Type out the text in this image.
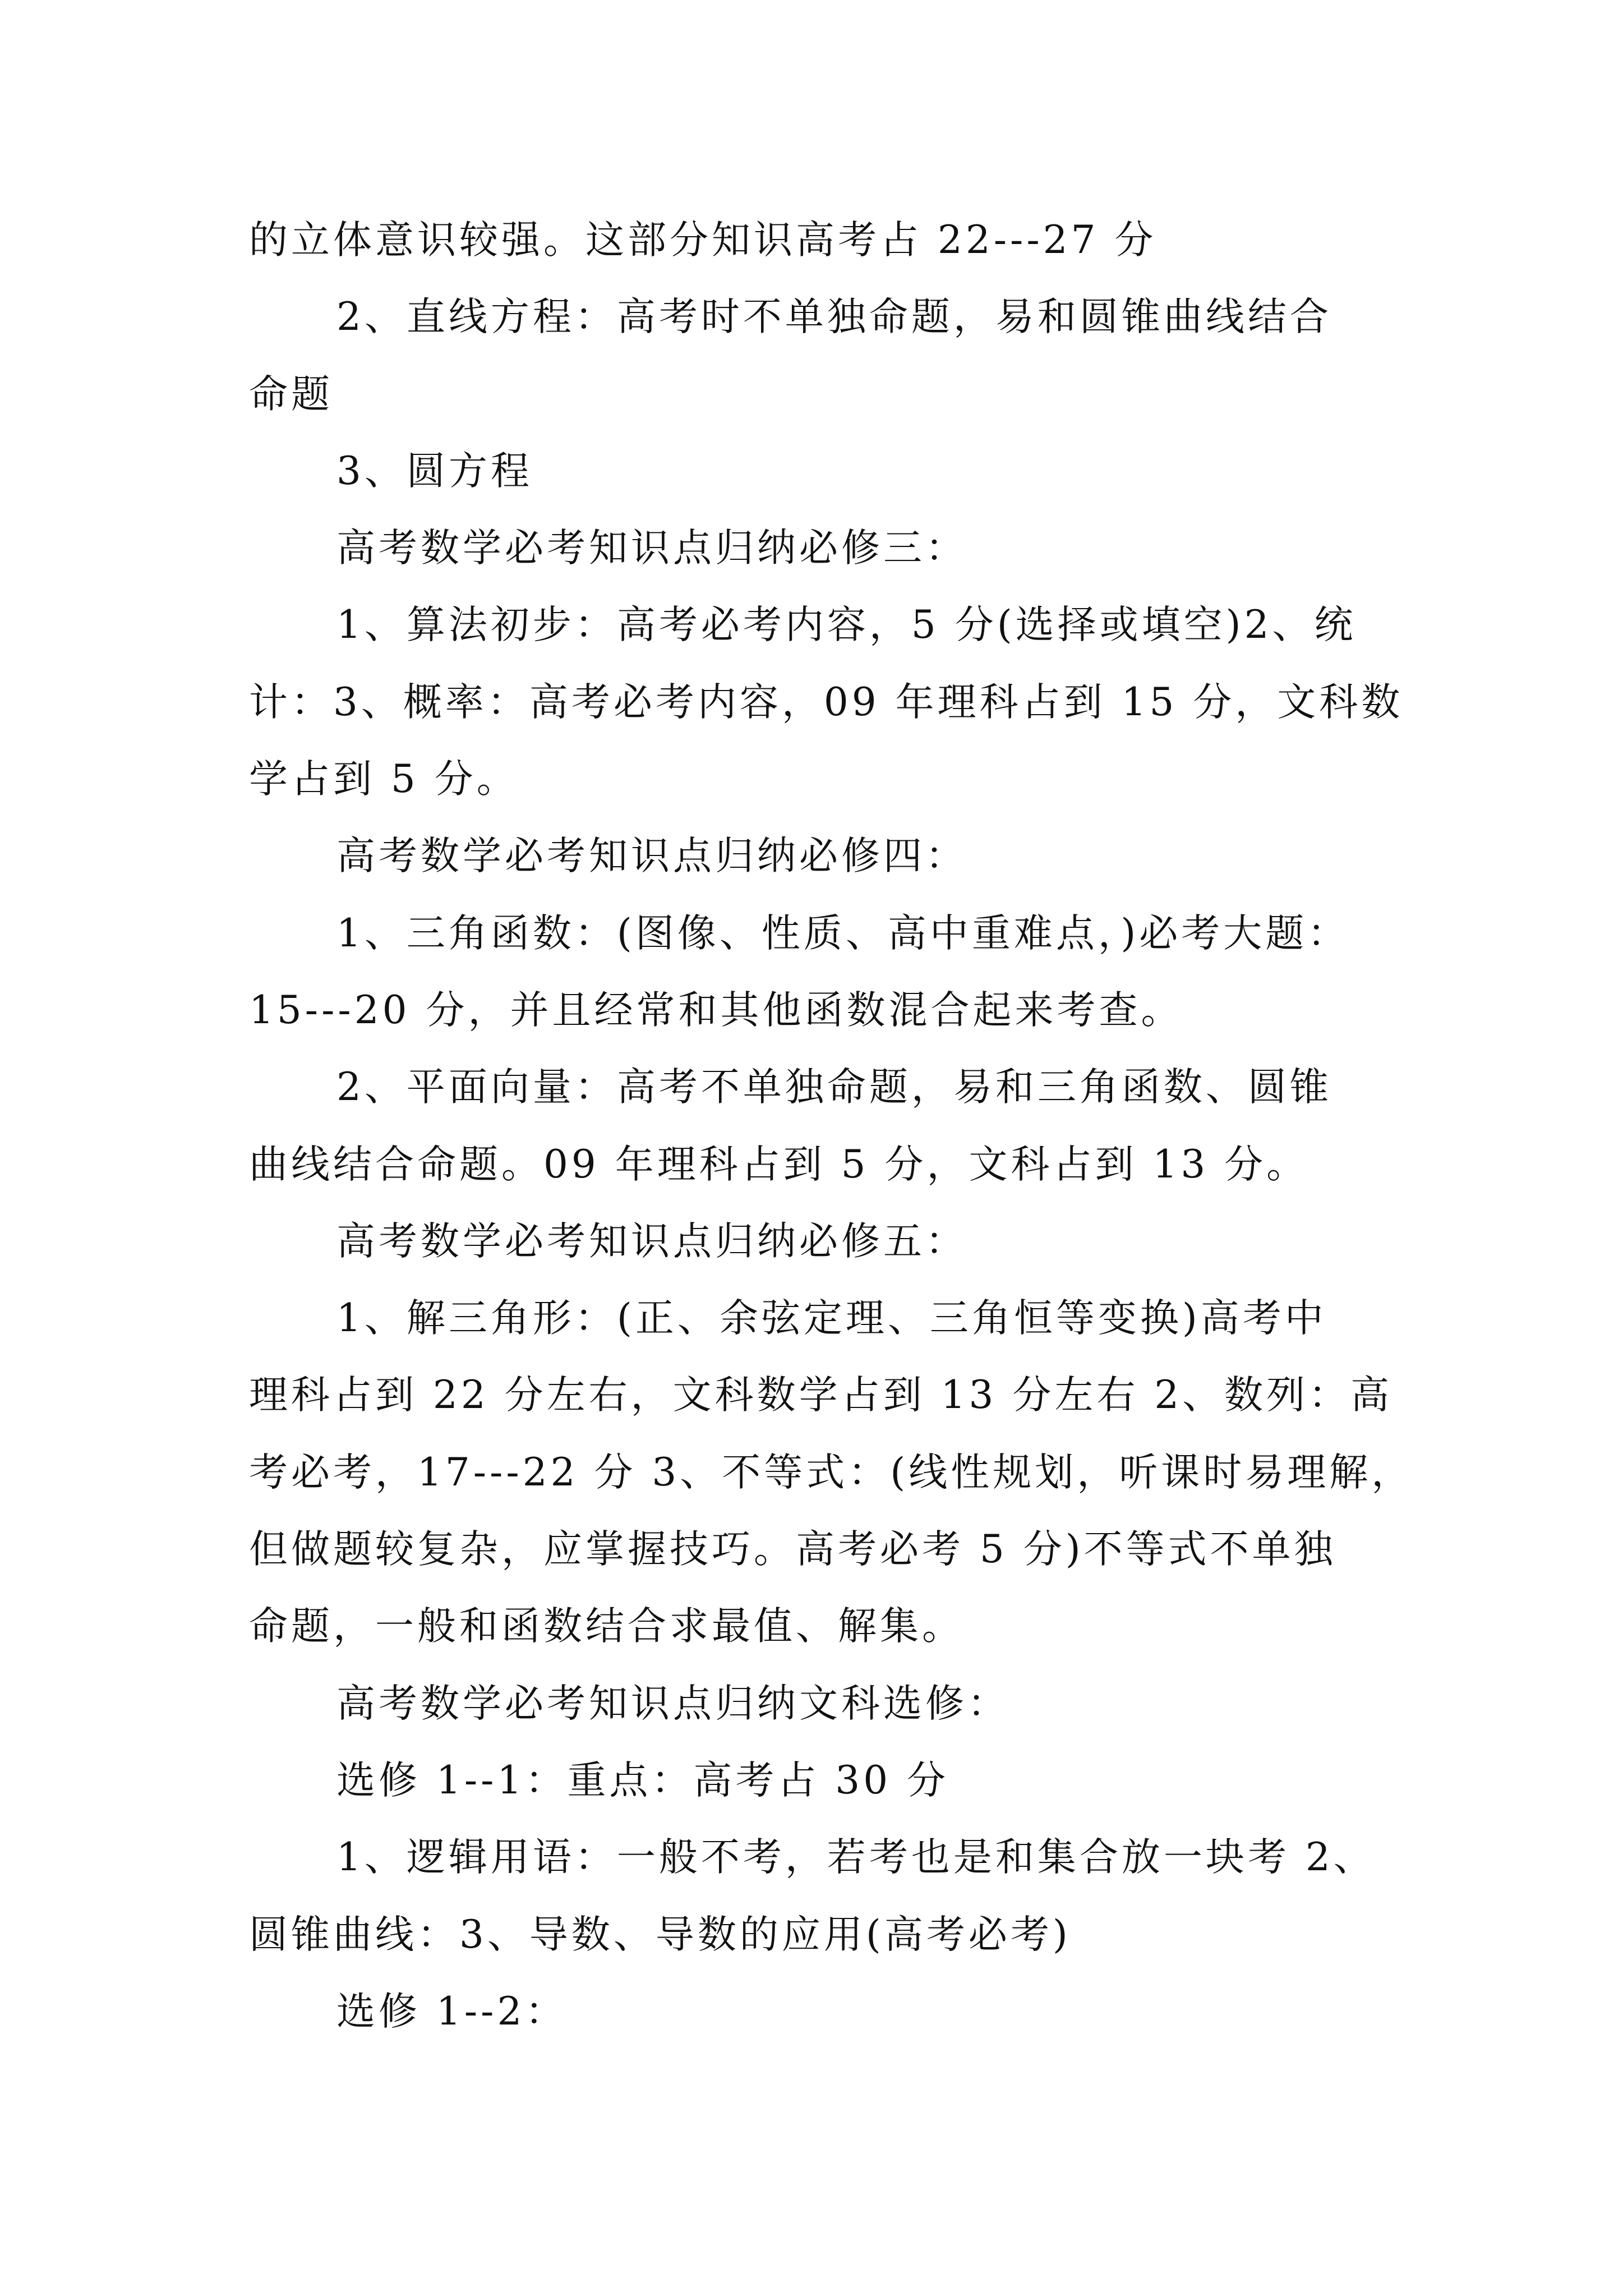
的立体意识较强。这部分知识高考占 22---27 分
2、直线方程：高考时不单独命题，易和圆锥曲线结合
命题
3、圆方程
高考数学必考知识点归纳必修三：
1、算法初步：高考必考内容，5 分(选择或填空)2、统
计：3、概率：高考必考内容，09 年理科占到 15 分，文科数
学占到 5 分。
高考数学必考知识点归纳必修四：
1、三角函数：(图像、性质、高中重难点，)必考大题：
15---20 分，并且经常和其他函数混合起来考查。
2、平面向量：高考不单独命题，易和三角函数、圆锥
曲线结合命题。09 年理科占到 5 分，文科占到 13 分。
高考数学必考知识点归纳必修五：
1、解三角形：(正、余弦定理、三角恒等变换)高考中
理科占到 22 分左右，文科数学占到 13 分左右 2、数列：高
考必考，17---22 分 3、不等式：(线性规划，听课时易理解，
但做题较复杂，应掌握技巧。高考必考 5 分)不等式不单独
命题，一般和函数结合求最值、解集。
高考数学必考知识点归纳文科选修：
选修 1--1：重点：高考占 30 分
1、逻辑用语：一般不考，若考也是和集合放一块考 2、
圆锥曲线：3、导数、导数的应用(高考必考)
选修 1--2：
